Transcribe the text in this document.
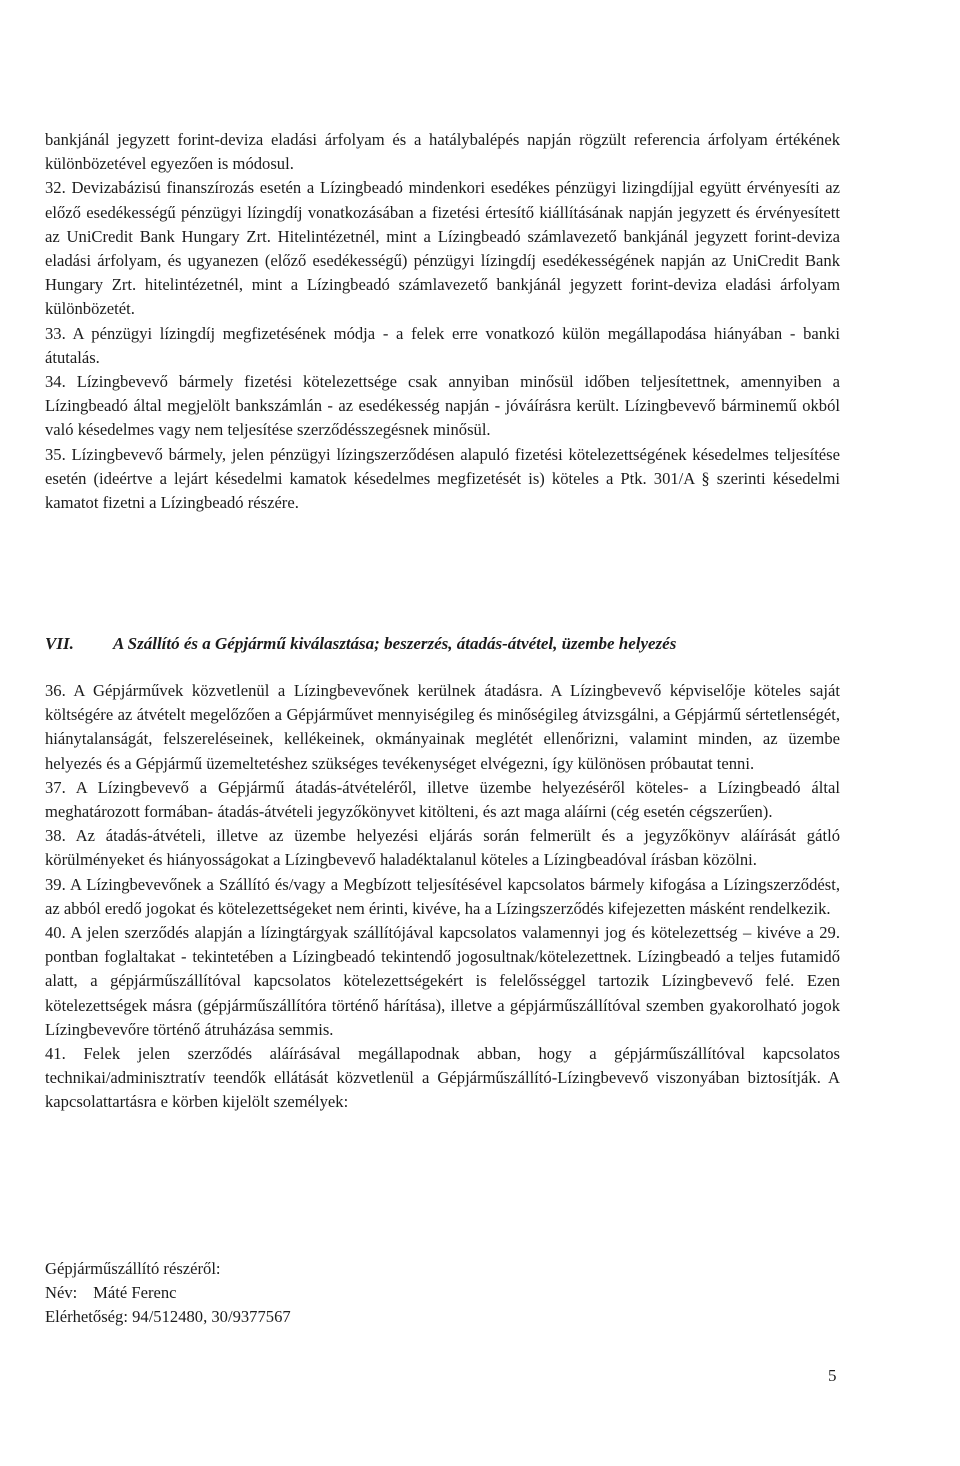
bankjánál jegyzett forint-deviza eladási árfolyam és a hatálybalépés napján rögzült referencia árfolyam értékének különbözetével egyezően is módosul.

32. Devizabázisú finanszírozás esetén a Lízingbeadó mindenkori esedékes pénzügyi lizingdíjjal együtt érvényesíti az előző esedékességű pénzügyi lízingdíj vonatkozásában a fizetési értesítő kiállításának napján jegyzett és érvényesített az UniCredit Bank Hungary Zrt. Hitelintézetnél, mint a Lízingbeadó számlavezető bankjánál jegyzett forint-deviza eladási árfolyam, és ugyanezen (előző esedékességű) pénzügyi lízingdíj esedékességének napján az UniCredit Bank Hungary Zrt. hitelintézetnél, mint a Lízingbeadó számlavezető bankjánál jegyzett forint-deviza eladási árfolyam különbözetét.

33. A pénzügyi lízingdíj megfizetésének módja - a felek erre vonatkozó külön megállapodása hiányában - banki átutalás.

34. Lízingbevevő bármely fizetési kötelezettsége csak annyiban minősül időben teljesítettnek, amennyiben a Lízingbeadó által megjelölt bankszámlán - az esedékesség napján - jóváírásra került. Lízingbevevő bárminemű okból való késedelmes vagy nem teljesítése szerződésszegésnek minősül.

35. Lízingbevevő bármely, jelen pénzügyi lízingszerződésen alapuló fizetési kötelezettségének késedelmes teljesítése esetén (ideértve a lejárt késedelmi kamatok késedelmes megfizetését is) köteles a Ptk. 301/A § szerinti késedelmi kamatot fizetni a Lízingbeadó részére.

VII. A Szállító és a Gépjármű kiválasztása; beszerzés, átadás-átvétel, üzembe helyezés

36. A Gépjárművek közvetlenül a Lízingbevevőnek kerülnek átadásra. A Lízingbevevő képviselője köteles saját költségére az átvételt megelőzően a Gépjárművet mennyiségileg és minőségileg átvizsgálni, a Gépjármű sértetlenségét, hiánytalanságát, felszereléseinek, kellékeinek, okmányainak meglétét ellenőrizni, valamint minden, az üzembe helyezés és a Gépjármű üzemeltetéshez szükséges tevékenységet elvégezni, így különösen próbautat tenni.

37. A Lízingbevevő a Gépjármű átadás-átvételéről, illetve üzembe helyezéséről köteles- a Lízingbeadó által meghatározott formában- átadás-átvételi jegyzőkönyvet kitölteni, és azt maga aláírni (cég esetén cégszerűen).

38. Az átadás-átvételi, illetve az üzembe helyezési eljárás során felmerült és a jegyzőkönyv aláírását gátló körülményeket és hiányosságokat a Lízingbevevő haladéktalanul köteles a Lízingbeadóval írásban közölni.

39. A Lízingbevevőnek a Szállító és/vagy a Megbízott teljesítésével kapcsolatos bármely kifogása a Lízingszerződést, az abból eredő jogokat és kötelezettségeket nem érinti, kivéve, ha a Lízingszerződés kifejezetten másként rendelkezik.

40. A jelen szerződés alapján a lízingtárgyak szállítójával kapcsolatos valamennyi jog és kötelezettség – kivéve a 29. pontban foglaltakat - tekintetében a Lízingbeadó tekintendő jogosultnak/kötelezettnek. Lízingbeadó a teljes futamidő alatt, a gépjárműszállítóval kapcsolatos kötelezettségekért is felelősséggel tartozik Lízingbevevő felé. Ezen kötelezettségek másra (gépjárműszállítóra történő hárítása), illetve a gépjárműszállítóval szemben gyakorolható jogok Lízingbevevőre történő átruházása semmis.

41. Felek jelen szerződés aláírásával megállapodnak abban, hogy a gépjárműszállítóval kapcsolatos technikai/adminisztratív teendők ellátását közvetlenül a Gépjárműszállító-Lízingbevevő viszonyában biztosítják. A kapcsolattartásra e körben kijelölt személyek:

Gépjárműszállító részéről:

Név: Máté Ferenc

Elérhetőség: 94/512480, 30/9377567

5
